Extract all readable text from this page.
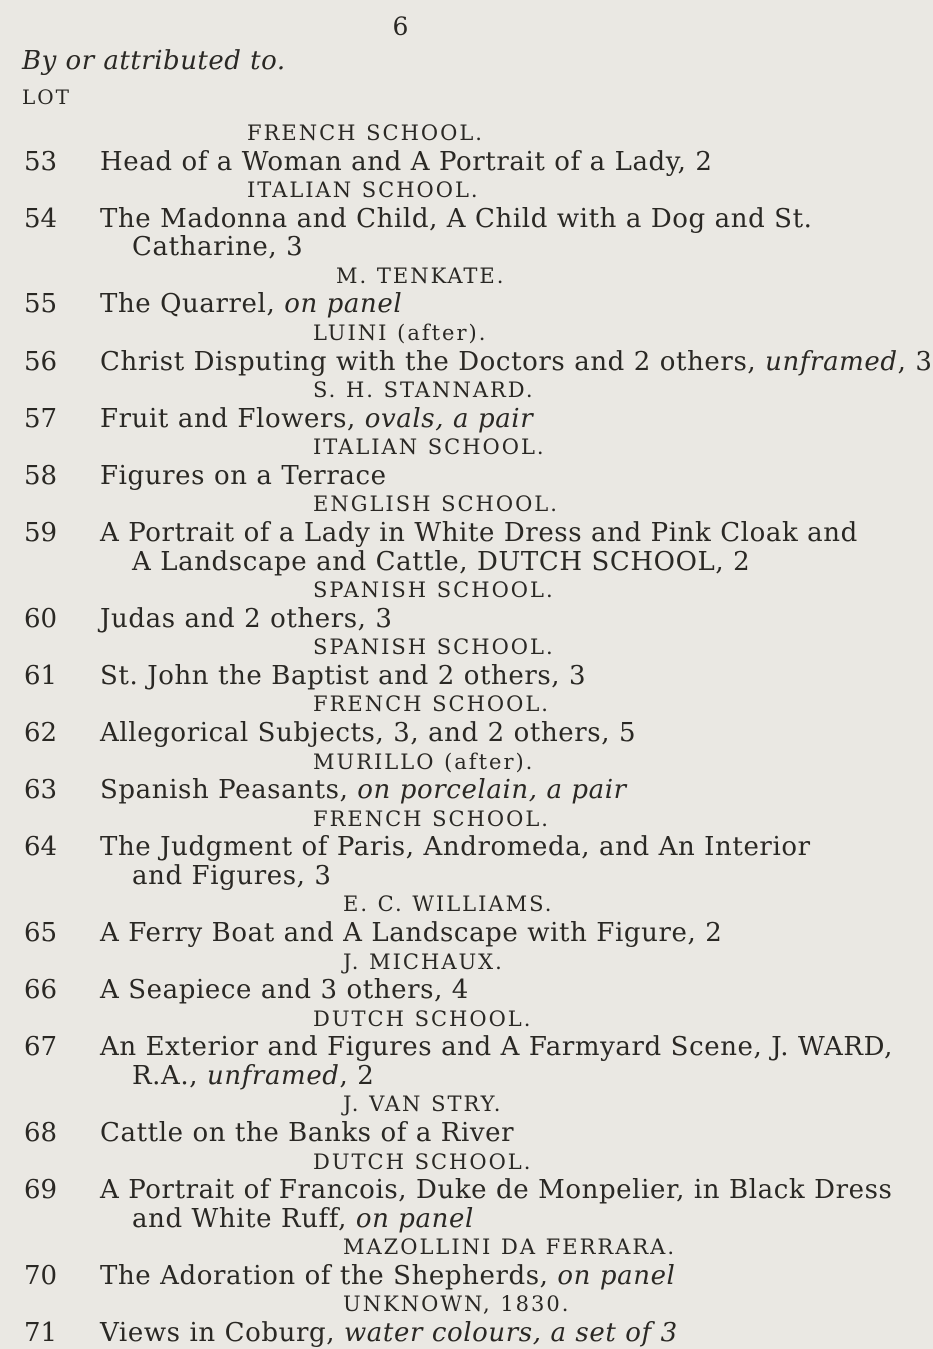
6
By or attributed to.
LOT
FRENCH SCHOOL.
53 Head of a Woman and A Portrait of a Lady, 2
ITALIAN SCHOOL.
54 The Madonna and Child, A Child with a Dog and St.
Catharine, 3
M. TENKATE.
55 The Quarrel, on panel
LUINI (after).
56 Christ Disputing with the Doctors and 2 others, unframed, 3
S. H. STANNARD.
57 Fruit and Flowers, ovals, a pair
ITALIAN SCHOOL.
58 Figures on a Terrace
ENGLISH SCHOOL.
59 A Portrait of a Lady in White Dress and Pink Cloak and
A Landscape and Cattle, DUTCH SCHOOL, 2
SPANISH SCHOOL.
60 Judas and 2 others, 3
SPANISH SCHOOL.
61 St. John the Baptist and 2 others, 3
FRENCH SCHOOL.
62 Allegorical Subjects, 3, and 2 others, 5
MURILLO (after).
63 Spanish Peasants, on porcelain, a pair
FRENCH SCHOOL.
64 The Judgment of Paris, Andromeda, and An Interior
and Figures, 3
E. C. WILLIAMS.
65 A Ferry Boat and A Landscape with Figure, 2
J. MICHAUX.
66 A Seapiece and 3 others, 4
DUTCH SCHOOL.
67 An Exterior and Figures and A Farmyard Scene, J. WARD,
R.A., unframed, 2
J. VAN STRY.
68 Cattle on the Banks of a River
DUTCH SCHOOL.
69 A Portrait of Francois, Duke de Monpelier, in Black Dress
and White Ruff, on panel
MAZOLLINI DA FERRARA.
70 The Adoration of the Shepherds, on panel
UNKNOWN, 1830.
71 Views in Coburg, water colours, a set of 3
